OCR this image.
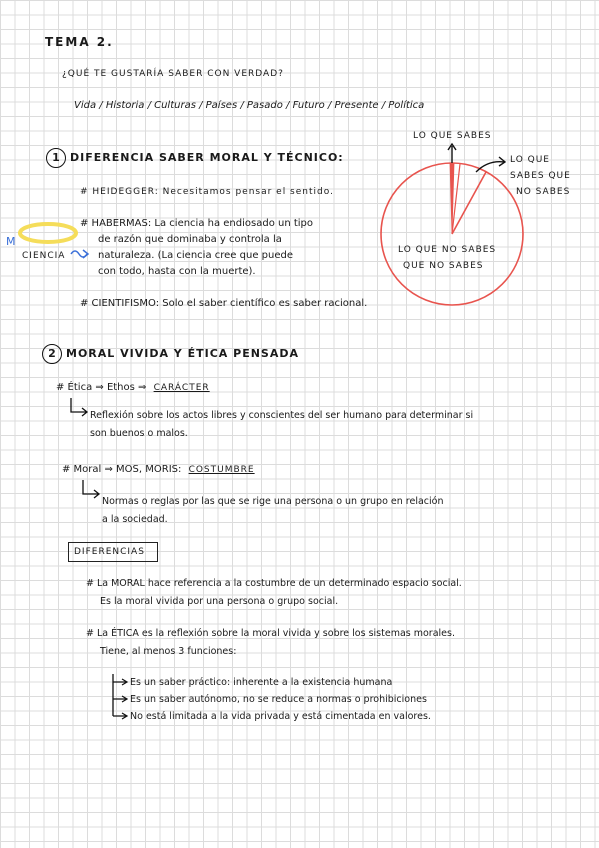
TEMA 2.
¿QUÉ TE GUSTARÍA SABER CON VERDAD?
Vida / Historia / Culturas / Países / Pasado / Futuro / Presente / Política
1 DIFERENCIA SABER MORAL Y TÉCNICO:
# HEIDEGGER: Necesitamos pensar el sentido.
M
CIENCIA
# HABERMAS: La ciencia ha endiosado un tipo
de razón que dominaba y controla la
naturaleza. (La ciencia cree que puede
con todo, hasta con la muerte).
# CIENTIFISMO: Solo el saber científico es saber racional.
LO QUE SABES
LO QUE
SABES QUE
NO SABES
LO QUE NO SABES
QUE NO SABES
2 MORAL VIVIDA Y ÉTICA PENSADA
# Ética ⇒ Ethos ⇒ CARÁCTER
Reflexión sobre los actos libres y conscientes del ser humano para determinar si
son buenos o malos.
# Moral ⇒ MOS, MORIS: COSTUMBRE
Normas o reglas por las que se rige una persona o un grupo en relación
a la sociedad.
DIFERENCIAS
# La MORAL hace referencia a la costumbre de un determinado espacio social.
Es la moral vivida por una persona o grupo social.
# La ÉTICA es la reflexión sobre la moral vivida y sobre los sistemas morales.
Tiene, al menos 3 funciones:
Es un saber práctico: inherente a la existencia humana
Es un saber autónomo, no se reduce a normas o prohibiciones
No está limitada a la vida privada y está cimentada en valores.
